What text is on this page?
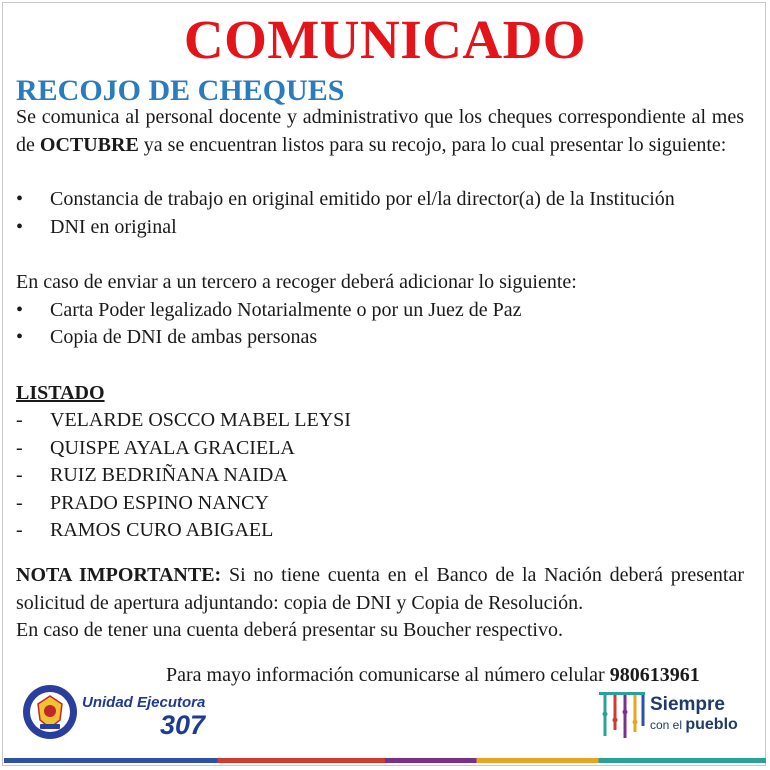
COMUNICADO
RECOJO DE CHEQUES
Se comunica al personal docente y administrativo que los cheques correspondiente al mes de OCTUBRE ya se encuentran listos para su recojo, para lo cual presentar lo siguiente:
• Constancia de trabajo en original emitido por el/la director(a) de la Institución
• DNI en original
En caso de enviar a un tercero a recoger deberá adicionar lo siguiente:
• Carta Poder legalizado Notarialmente o por un Juez de Paz
• Copia de DNI de ambas personas
LISTADO
- VELARDE OSCCO MABEL LEYSI
- QUISPE AYALA GRACIELA
- RUIZ BEDRIÑANA NAIDA
- PRADO ESPINO NANCY
- RAMOS CURO ABIGAEL
NOTA IMPORTANTE: Si no tiene cuenta en el Banco de la Nación deberá presentar solicitud de apertura adjuntando: copia de DNI y Copia de Resolución.
En caso de tener una cuenta deberá presentar su Boucher respectivo.
Para mayo información comunicarse al número celular 980613961
Unidad Ejecutora
307
Siempre
con el pueblo
